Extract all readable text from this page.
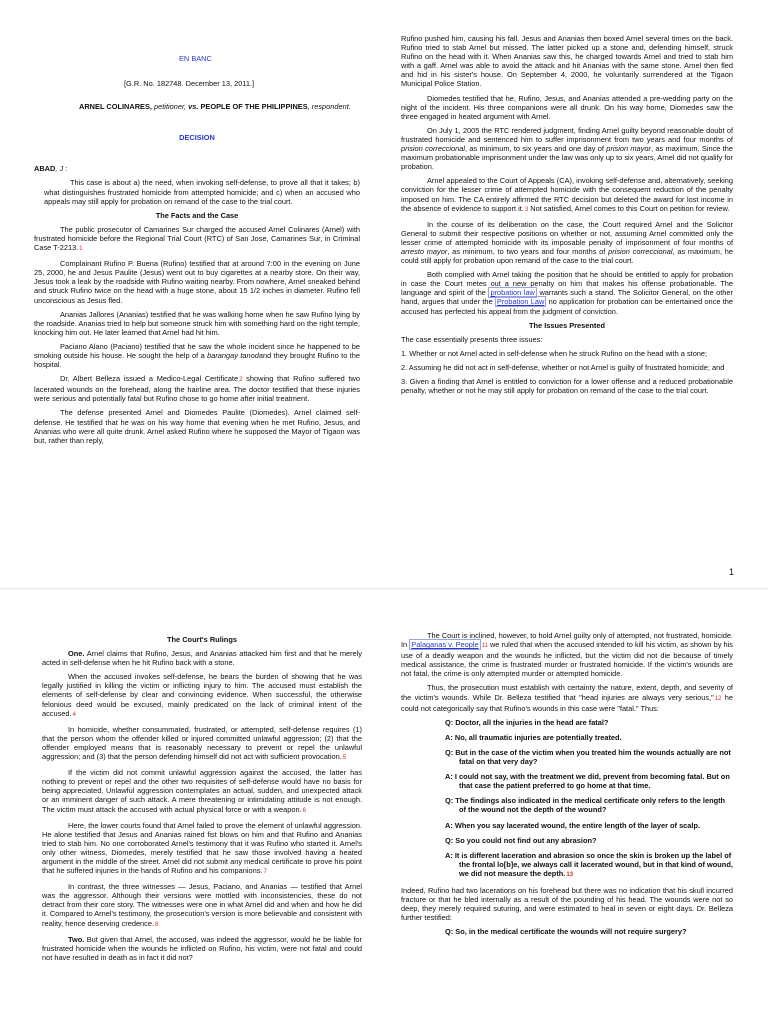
EN BANC

[G.R. No. 182748. December 13, 2011.]

ARNEL COLINARES, petitioner, vs. PEOPLE OF THE PHILIPPINES, respondent.

DECISION

ABAD, J :

This case is about a) the need, when invoking self-defense, to prove all that it takes; b) what distinguishes frustrated homicide from attempted homicide; and c) when an accused who appeals may still apply for probation on remand of the case to the trial court.

The Facts and the Case

The public prosecutor of Camarines Sur charged the accused Arnel Colinares (Arnel) with frustrated homicide before the Regional Trial Court (RTC) of San Jose, Camarines Sur, in Criminal Case T-2213.1

Complainant Rufino P. Buena (Rufino) testified that at around 7:00 in the evening on June 25, 2000, he and Jesus Paulite (Jesus) went out to buy cigarettes at a nearby store. On their way, Jesus took a leak by the roadside with Rufino waiting nearby. From nowhere, Arnel sneaked behind and struck Rufino twice on the head with a huge stone, about 15 1/2 inches in diameter. Rufino fell unconscious as Jesus fled.

Ananias Jallores (Ananias) testified that he was walking home when he saw Rufino lying by the roadside. Ananias tried to help but someone struck him with something hard on the right temple, knocking him out. He later learned that Arnel had hit him.

Paciano Alano (Paciano) testified that he saw the whole incident since he happened to be smoking outside his house. He sought the help of a barangay tanodand they brought Rufino to the hospital.

Dr. Albert Belleza issued a Medico-Legal Certificate2 showing that Rufino suffered two lacerated wounds on the forehead, along the hairline area. The doctor testified that these injuries were serious and potentially fatal but Rufino chose to go home after initial treatment.

The defense presented Arnel and Diomedes Paulite (Diomedes). Arnel claimed self-defense. He testified that he was on his way home that evening when he met Rufino, Jesus, and Ananias who were all quite drunk. Arnel asked Rufino where he supposed the Mayor of Tigaon was but, rather than reply,

Rufino pushed him, causing his fall. Jesus and Ananias then boxed Arnel several times on the back. Rufino tried to stab Arnel but missed. The latter picked up a stone and, defending himself, struck Rufino on the head with it. When Ananias saw this, he charged towards Arnel and tried to stab him with a gaff. Arnel was able to avoid the attack and hit Ananias with the same stone. Arnel then fled and hid in his sister's house. On September 4, 2000, he voluntarily surrendered at the Tigaon Municipal Police Station.

Diomedes testified that he, Rufino, Jesus, and Ananias attended a pre-wedding party on the night of the incident. His three companions were all drunk. On his way home, Diomedes saw the three engaged in heated argument with Arnel.

On July 1, 2005 the RTC rendered judgment, finding Arnel guilty beyond reasonable doubt of frustrated homicide and sentenced him to suffer imprisonment from two years and four months of prision correccional, as minimum, to six years and one day of prision mayor, as maximum. Since the maximum probationable imprisonment under the law was only up to six years, Arnel did not qualify for probation.

Arnel appealed to the Court of Appeals (CA), invoking self-defense and, alternatively, seeking conviction for the lesser crime of attempted homicide with the consequent reduction of the penalty imposed on him. The CA entirely affirmed the RTC decision but deleted the award for lost income in the absence of evidence to support it.3 Not satisfied, Arnel comes to this Court on petition for review.

In the course of its deliberation on the case, the Court required Arnel and the Solicitor General to submit their respective positions on whether or not, assuming Arnel committed only the lesser crime of attempted homicide with its imposable penalty of imprisonment of four months of arresto mayor, as minimum, to two years and four months of prision correccional, as maximum, he could still apply for probation upon remand of the case to the trial court.

Both complied with Arnel taking the position that he should be entitled to apply for probation in case the Court metes out a new penalty on him that makes his offense probationable. The language and spirit of the probation law warrants such a stand. The Solicitor General, on the other hand, argues that under the Probation Law no application for probation can be entertained once the accused has perfected his appeal from the judgment of conviction.

The Issues Presented

The case essentially presents three issues:

1. Whether or not Arnel acted in self-defense when he struck Rufino on the head with a stone;

2. Assuming he did not act in self-defense, whether or not Arnel is guilty of frustrated homicide; and

3. Given a finding that Arnel is entitled to conviction for a lower offense and a reduced probationable penalty, whether or not he may still apply for probation on remand of the case to the trial court.

1

The Court's Rulings

One. Arnel claims that Rufino, Jesus, and Ananias attacked him first and that he merely acted in self-defense when he hit Rufino back with a stone.

When the accused invokes self-defense, he bears the burden of showing that he was legally justified in killing the victim or inflicting injury to him. The accused must establish the elements of self-defense by clear and convincing evidence. When successful, the otherwise felonious deed would be excused, mainly predicated on the lack of criminal intent of the accused.4

In homicide, whether consummated, frustrated, or attempted, self-defense requires (1) that the person whom the offender killed or injured committed unlawful aggression; (2) that the offender employed means that is reasonably necessary to prevent or repel the unlawful aggression; and (3) that the person defending himself did not act with sufficient provocation.5

If the victim did not commit unlawful aggression against the accused, the latter has nothing to prevent or repel and the other two requisites of self-defense would have no basis for being appreciated. Unlawful aggression contemplates an actual, sudden, and unexpected attack or an imminent danger of such attack. A mere threatening or intimidating attitude is not enough. The victim must attack the accused with actual physical force or with a weapon.6

Here, the lower courts found that Arnel failed to prove the element of unlawful aggression. He alone testified that Jesus and Ananias rained fist blows on him and that Rufino and Ananias tried to stab him. No one corroborated Arnel's testimony that it was Rufino who started it. Arnel's only other witness, Diomedes, merely testified that he saw those involved having a heated argument in the middle of the street. Arnel did not submit any medical certificate to prove his point that he suffered injuries in the hands of Rufino and his companions.7

In contrast, the three witnesses — Jesus, Paciano, and Ananias — testified that Arnel was the aggressor. Although their versions were mottled with inconsistencies, these do not detract from their core story. The witnesses were one in what Arnel did and when and how he did it. Compared to Arnel's testimony, the prosecution's version is more believable and consistent with reality, hence deserving credence.8

Two. But given that Arnel, the accused, was indeed the aggressor, would he be liable for frustrated homicide when the wounds he inflicted on Rufino, his victim, were not fatal and could not have resulted in death as in fact it did not?

The Court is inclined, however, to hold Arnel guilty only of attempted, not frustrated, homicide. In Palaganas v. People 11 we ruled that when the accused intended to kill his victim, as shown by his use of a deadly weapon and the wounds he inflicted, but the victim did not die because of timely medical assistance, the crime is frustrated murder or frustrated homicide. If the victim's wounds are not fatal, the crime is only attempted murder or attempted homicide.

Thus, the prosecution must establish with certainty the nature, extent, depth, and severity of the victim's wounds. While Dr. Belleza testified that "head injuries are always very serious,"12 he could not categorically say that Rufino's wounds in this case were "fatal." Thus:

Q: Doctor, all the injuries in the head are fatal?

A: No, all traumatic injuries are potentially treated.

Q: But in the case of the victim when you treated him the wounds actually are not fatal on that very day?

A: I could not say, with the treatment we did, prevent from becoming fatal. But on that case the patient preferred to go home at that time.

Q: The findings also indicated in the medical certificate only refers to the length of the wound not the depth of the wound?

A: When you say lacerated wound, the entire length of the layer of scalp.

Q: So you could not find out any abrasion?

A: It is different laceration and abrasion so once the skin is broken up the label of the frontal lo[b]e, we always call it lacerated wound, but in that kind of wound, we did not measure the depth.13

Indeed, Rufino had two lacerations on his forehead but there was no indication that his skull incurred fracture or that he bled internally as a result of the pounding of his head. The wounds were not so deep, they merely required suturing, and were estimated to heal in seven or eight days. Dr. Belleza further testified:

Q: So, in the medical certificate the wounds will not require surgery?
